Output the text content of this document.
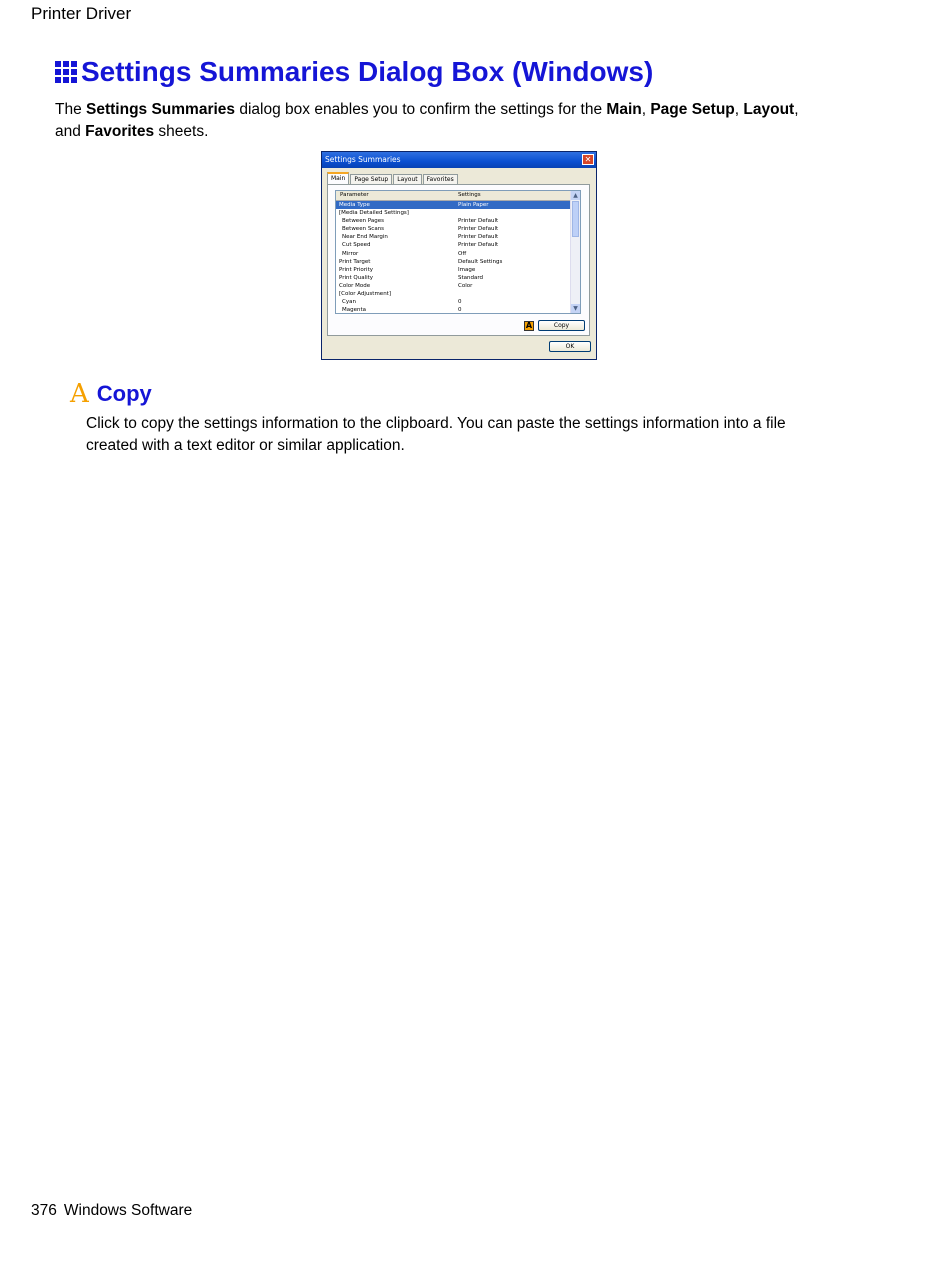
Printer Driver
Settings Summaries Dialog Box (Windows)
The Settings Summaries dialog box enables you to confirm the settings for the Main, Page Setup, Layout, and Favorites sheets.
Settings Summaries	✕
Main	Page Setup	Layout	Favorites
Parameter	Settings
Media Type	Plain Paper
[Media Detailed Settings]
Between Pages	Printer Default
Between Scans	Printer Default
Near End Margin	Printer Default
Cut Speed	Printer Default
Mirror	Off
Print Target	Default Settings
Print Priority	Image
Print Quality	Standard
Color Mode	Color
[Color Adjustment]
Cyan	0
Magenta	0
▲
▼
A	Copy
OK
A Copy
Click to copy the settings information to the clipboard. You can paste the settings information into a file created with a text editor or similar application.
376 Windows Software
